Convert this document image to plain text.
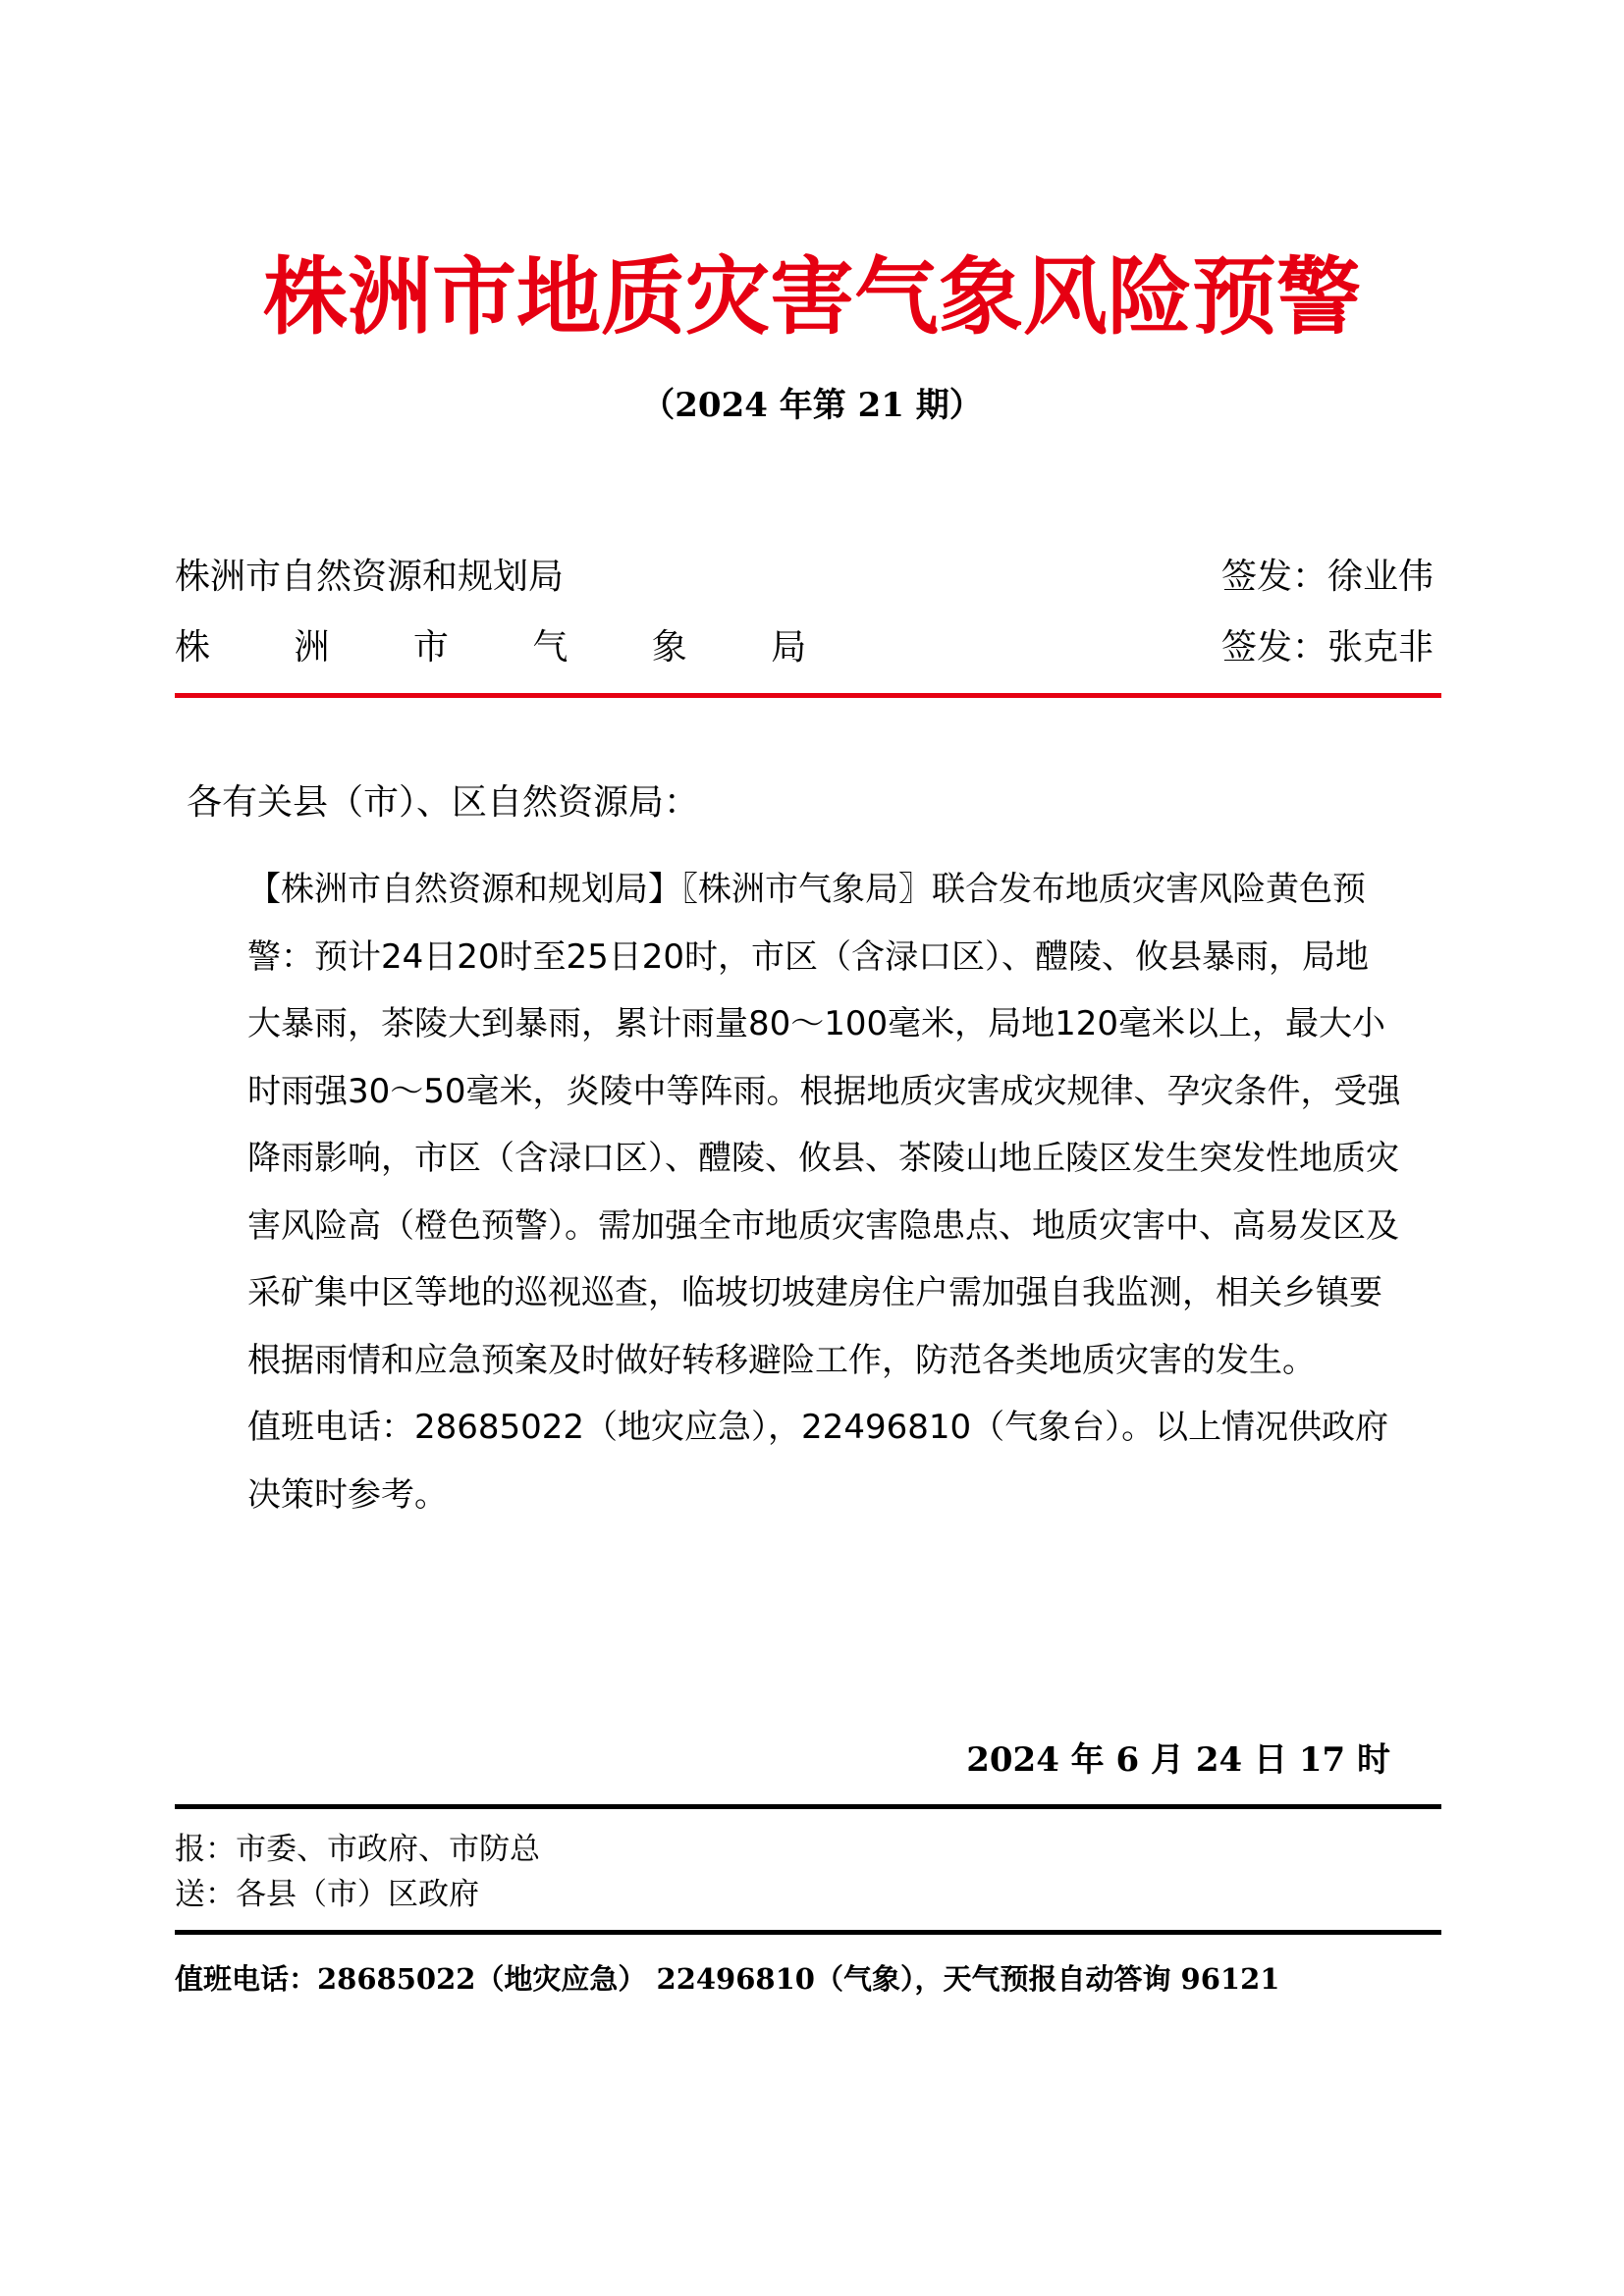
株洲市地质灾害气象风险预警
（2024 年第 21 期）
株洲市自然资源和规划局	签发：徐业伟
株 洲 市 气 象 局	签发：张克非
各有关县（市）、区自然资源局：

【株洲市自然资源和规划局】〖株洲市气象局〗联合发布地质灾害风险黄色预警：预计24日20时至25日20时，市区（含渌口区）、醴陵、攸县暴雨，局地大暴雨，茶陵大到暴雨，累计雨量80～100毫米，局地120毫米以上，最大小时雨强30～50毫米，炎陵中等阵雨。根据地质灾害成灾规律、孕灾条件，受强降雨影响，市区（含渌口区）、醴陵、攸县、茶陵山地丘陵区发生突发性地质灾害风险高（橙色预警）。需加强全市地质灾害隐患点、地质灾害中、高易发区及采矿集中区等地的巡视巡查，临坡切坡建房住户需加强自我监测，相关乡镇要根据雨情和应急预案及时做好转移避险工作，防范各类地质灾害的发生。

值班电话：28685022（地灾应急），22496810（气象台）。以上情况供政府决策时参考。

2024 年 6 月 24 日 17 时
报：市委、市政府、市防总
送：各县（市）区政府
值班电话：28685022（地灾应急） 22496810（气象），天气预报自动答询 96121
